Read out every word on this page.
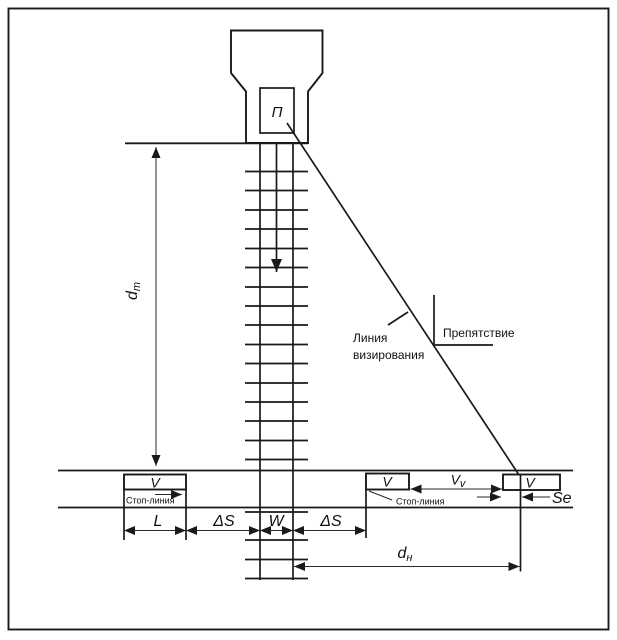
П
Линия
визирования
Препятствие
dт
V
Стоп-линия
V
Стоп-линия
V
Vv
Se
L	ΔS W ΔS
dн
